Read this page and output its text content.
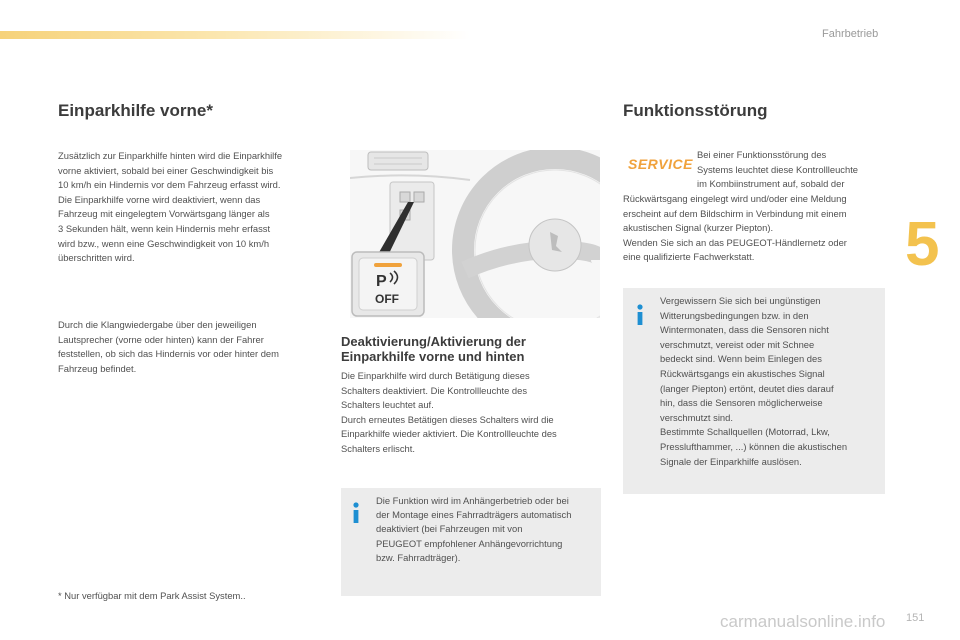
Fahrbetrieb
5
Einparkhilfe vorne*

Zusätzlich zur Einparkhilfe hinten wird die Einparkhilfe
vorne aktiviert, sobald bei einer Geschwindigkeit bis
10 km/h ein Hindernis vor dem Fahrzeug erfasst wird.
Die Einparkhilfe vorne wird deaktiviert, wenn das
Fahrzeug mit eingelegtem Vorwärtsgang länger als
3 Sekunden hält, wenn kein Hindernis mehr erfasst
wird bzw., wenn eine Geschwindigkeit von 10 km/h
überschritten wird.

Durch die Klangwiedergabe über den jeweiligen
Lautsprecher (vorne oder hinten) kann der Fahrer
feststellen, ob sich das Hindernis vor oder hinter dem
Fahrzeug befindet.

* Nur verfügbar mit dem Park Assist System..
P
OFF
Deaktivierung/Aktivierung der
Einparkhilfe vorne und hinten

Die Einparkhilfe wird durch Betätigung dieses
Schalters deaktiviert. Die Kontrollleuchte des
Schalters leuchtet auf.
Durch erneutes Betätigen dieses Schalters wird die
Einparkhilfe wieder aktiviert. Die Kontrollleuchte des
Schalters erlischt.

Die Funktion wird im Anhängerbetrieb oder bei
der Montage eines Fahrradträgers automatisch
deaktiviert (bei Fahrzeugen mit von
PEUGEOT empfohlener Anhängevorrichtung
bzw. Fahrradträger).

Funktionsstörung
SERVICE

Bei einer Funktionsstörung des
Systems leuchtet diese Kontrollleuchte
im Kombiinstrument auf, sobald der

Rückwärtsgang eingelegt wird und/oder eine Meldung
erscheint auf dem Bildschirm in Verbindung mit einem
akustischen Signal (kurzer Piepton).
Wenden Sie sich an das PEUGEOT-Händlernetz oder
eine qualifizierte Fachwerkstatt.

Vergewissern Sie sich bei ungünstigen
Witterungsbedingungen bzw. in den
Wintermonaten, dass die Sensoren nicht
verschmutzt, vereist oder mit Schnee
bedeckt sind. Wenn beim Einlegen des
Rückwärtsgangs ein akustisches Signal
(langer Piepton) ertönt, deutet dies darauf
hin, dass die Sensoren möglicherweise
verschmutzt sind.
Bestimmte Schallquellen (Motorrad, Lkw,
Presslufthammer, ...) können die akustischen
Signale der Einparkhilfe auslösen.

carmanualsonline.info 151
